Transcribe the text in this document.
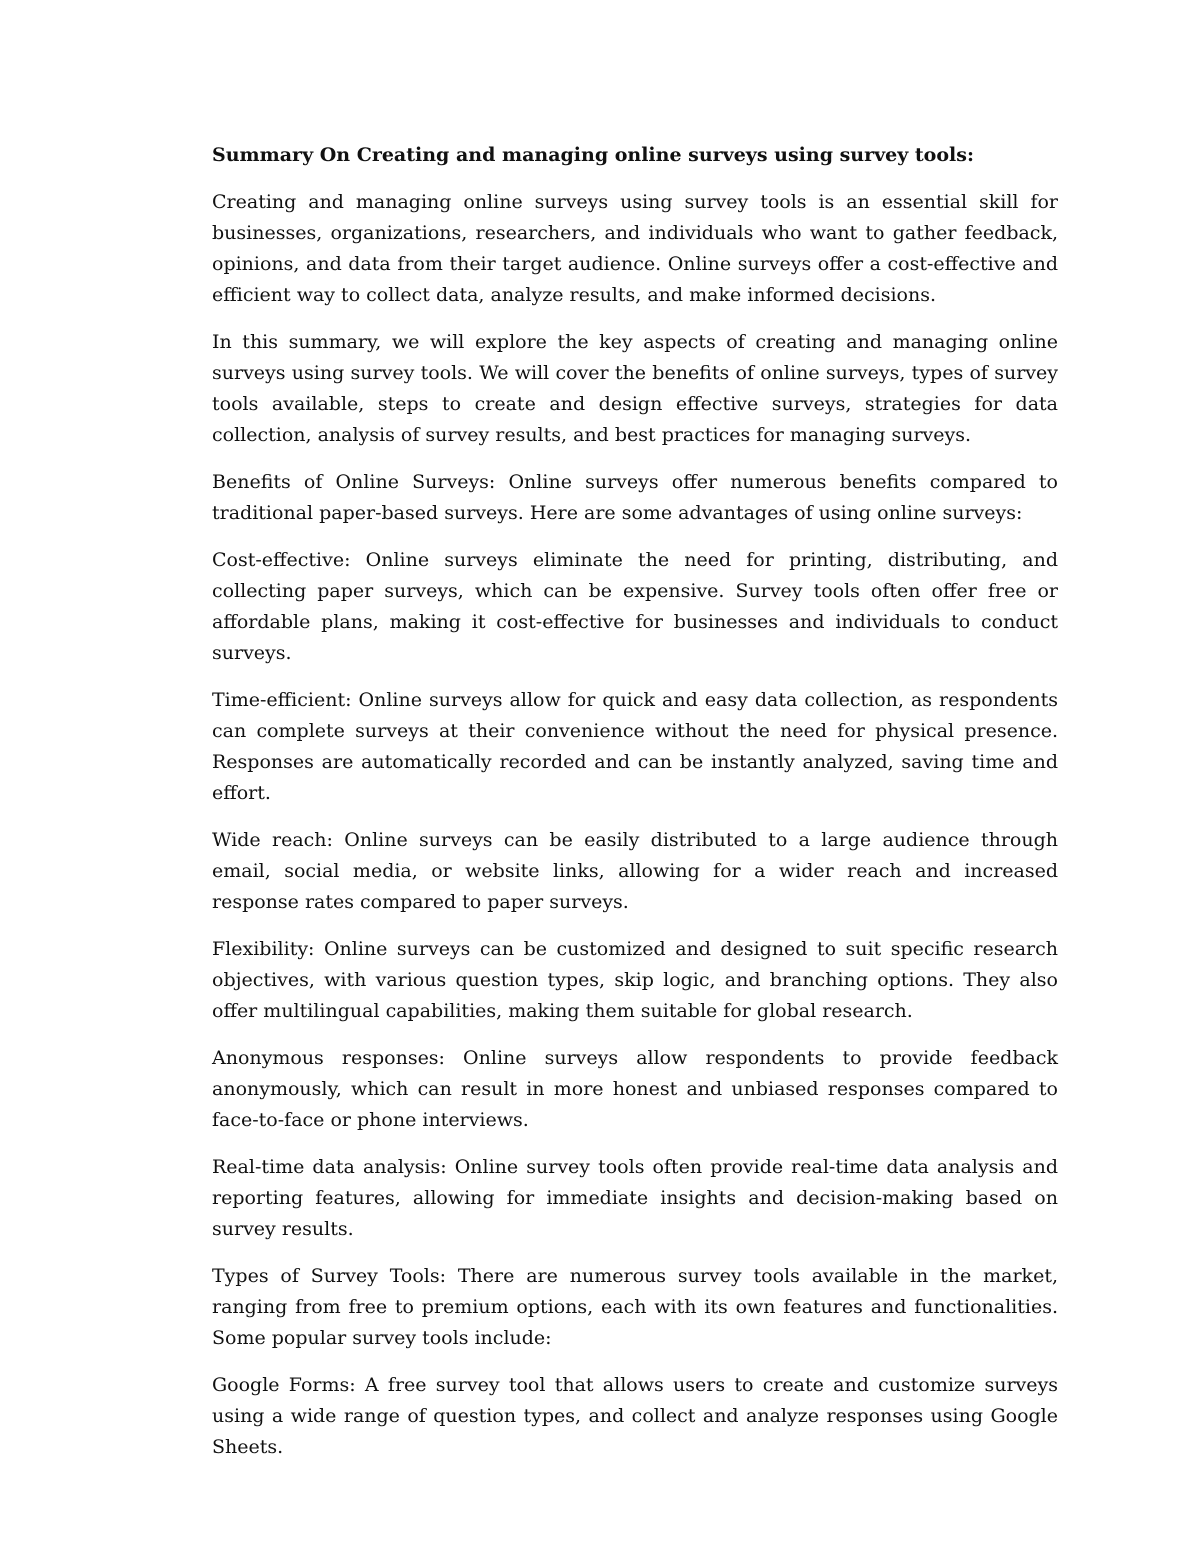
Summary On Creating and managing online surveys using survey tools:

Creating and managing online surveys using survey tools is an essential skill for businesses, organizations, researchers, and individuals who want to gather feedback, opinions, and data from their target audience. Online surveys offer a cost-effective and efficient way to collect data, analyze results, and make informed decisions.

In this summary, we will explore the key aspects of creating and managing online surveys using survey tools. We will cover the benefits of online surveys, types of survey tools available, steps to create and design effective surveys, strategies for data collection, analysis of survey results, and best practices for managing surveys.

Benefits of Online Surveys: Online surveys offer numerous benefits compared to traditional paper-based surveys. Here are some advantages of using online surveys:

Cost-effective: Online surveys eliminate the need for printing, distributing, and collecting paper surveys, which can be expensive. Survey tools often offer free or affordable plans, making it cost-effective for businesses and individuals to conduct surveys.

Time-efficient: Online surveys allow for quick and easy data collection, as respondents can complete surveys at their convenience without the need for physical presence. Responses are automatically recorded and can be instantly analyzed, saving time and effort.

Wide reach: Online surveys can be easily distributed to a large audience through email, social media, or website links, allowing for a wider reach and increased response rates compared to paper surveys.

Flexibility: Online surveys can be customized and designed to suit specific research objectives, with various question types, skip logic, and branching options. They also offer multilingual capabilities, making them suitable for global research.

Anonymous responses: Online surveys allow respondents to provide feedback anonymously, which can result in more honest and unbiased responses compared to face-to-face or phone interviews.

Real-time data analysis: Online survey tools often provide real-time data analysis and reporting features, allowing for immediate insights and decision-making based on survey results.

Types of Survey Tools: There are numerous survey tools available in the market, ranging from free to premium options, each with its own features and functionalities. Some popular survey tools include:

Google Forms: A free survey tool that allows users to create and customize surveys using a wide range of question types, and collect and analyze responses using Google Sheets.
